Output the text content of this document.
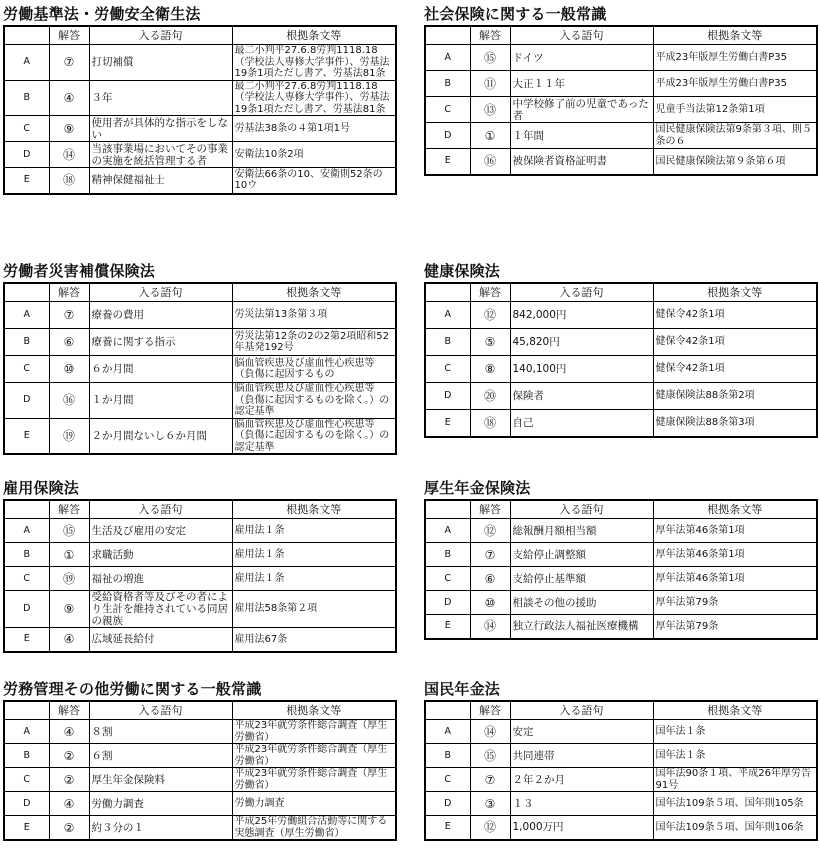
労働基準法・労働安全衛生法
	解答	入る語句	根拠条文等
A	⑦	打切補償	最二小判平27.6.8労判1118.18（学校法人専修大学事件）、労基法19条1項ただし書ア、労基法81条
B	④	３年	最二小判平27.6.8労判1118.18（学校法人専修大学事件）、労基法19条1項ただし書ア、労基法81条
C	⑨	使用者が具体的な指示をしない	労基法38条の４第1項1号
D	⑭	当該事業場においてその事業の実施を統括管理する者	安衛法10条2項
E	⑱	精神保健福祉士	安衛法66条の10、安衛則52条の10ウ
社会保険に関する一般常識
	解答	入る語句	根拠条文等
A	⑮	ドイツ	平成23年版厚生労働白書P35
B	⑪	大正１１年	平成23年版厚生労働白書P35
C	⑬	中学校修了前の児童であった者	児童手当法第12条第1項
D	①	１年間	国民健康保険法第9条第３項、則５条の６
E	⑯	被保険者資格証明書	国民健康保険法第９条第６項
労働者災害補償保険法
	解答	入る語句	根拠条文等
A	⑦	療養の費用	労災法第13条第３項
B	⑥	療養に関する指示	労災法第12条の2の2第2項昭和52年基発192号
C	⑩	６か月間	脳血管疾患及び虚血性心疾患等（負傷に起因するもの
D	⑯	１か月間	脳血管疾患及び虚血性心疾患等（負傷に起因するものを除く。）の認定基準
E	⑲	２か月間ないし６か月間	脳血管疾患及び虚血性心疾患等（負傷に起因するものを除く。）の認定基準
健康保険法
	解答	入る語句	根拠条文等
A	⑫	842,000円	健保令42条1項
B	⑤	45,820円	健保令42条1項
C	⑧	140,100円	健保令42条1項
D	⑳	保険者	健康保険法88条第2項
E	⑱	自己	健康保険法88条第3項
雇用保険法
	解答	入る語句	根拠条文等
A	⑮	生活及び雇用の安定	雇用法１条
B	①	求職活動	雇用法１条
C	⑲	福祉の増進	雇用法１条
D	⑨	受給資格者等及びその者により生計を維持されている同居の親族	雇用法58条第２項
E	④	広域延長給付	雇用法67条
厚生年金保険法
	解答	入る語句	根拠条文等
A	⑫	総報酬月額相当額	厚年法第46条第1項
B	⑦	支給停止調整額	厚年法第46条第1項
C	⑥	支給停止基準額	厚年法第46条第1項
D	⑩	相談その他の援助	厚年法第79条
E	⑭	独立行政法人福祉医療機構	厚年法第79条
労務管理その他労働に関する一般常識
	解答	入る語句	根拠条文等
A	④	８割	平成23年就労条件総合調査（厚生労働省）
B	②	６割	平成23年就労条件総合調査（厚生労働省）
C	②	厚生年金保険料	平成23年就労条件総合調査（厚生労働省）
D	④	労働力調査	労働力調査
E	②	約３分の１	平成25年労働組合活動等に関する実態調査（厚生労働省）
国民年金法
	解答	入る語句	根拠条文等
A	⑭	安定	国年法１条
B	⑮	共同連帯	国年法１条
C	⑦	２年２か月	国年法90条１項、平成26年厚労告91号
D	③	１３	国年法109条５項、国年則105条
E	⑫	1,000万円	国年法109条５項、国年則106条
